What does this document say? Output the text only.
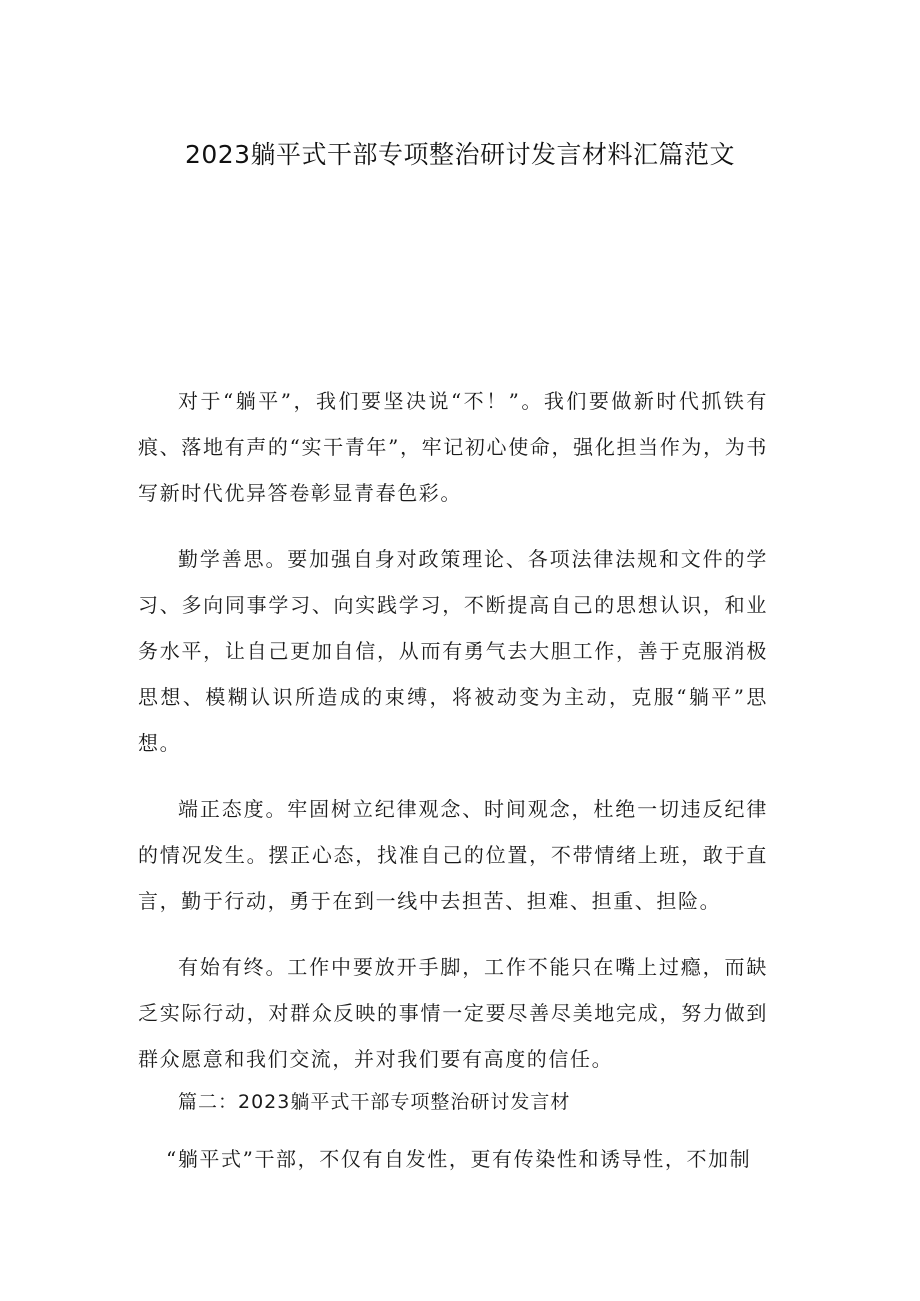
2023躺平式干部专项整治研讨发言材料汇篇范文

对于“躺平”，我们要坚决说“不！”。我们要做新时代抓铁有痕、落地有声的“实干青年”，牢记初心使命，强化担当作为，为书写新时代优异答卷彰显青春色彩。

勤学善思。要加强自身对政策理论、各项法律法规和文件的学习、多向同事学习、向实践学习，不断提高自己的思想认识，和业务水平，让自己更加自信，从而有勇气去大胆工作，善于克服消极思想、模糊认识所造成的束缚，将被动变为主动，克服“躺平”思想。

端正态度。牢固树立纪律观念、时间观念，杜绝一切违反纪律的情况发生。摆正心态，找准自己的位置，不带情绪上班，敢于直言，勤于行动，勇于在到一线中去担苦、担难、担重、担险。

有始有终。工作中要放开手脚，工作不能只在嘴上过瘾，而缺乏实际行动，对群众反映的事情一定要尽善尽美地完成，努力做到群众愿意和我们交流，并对我们要有高度的信任。

篇二：2023躺平式干部专项整治研讨发言材

“躺平式”干部，不仅有自发性，更有传染性和诱导性，不加制
